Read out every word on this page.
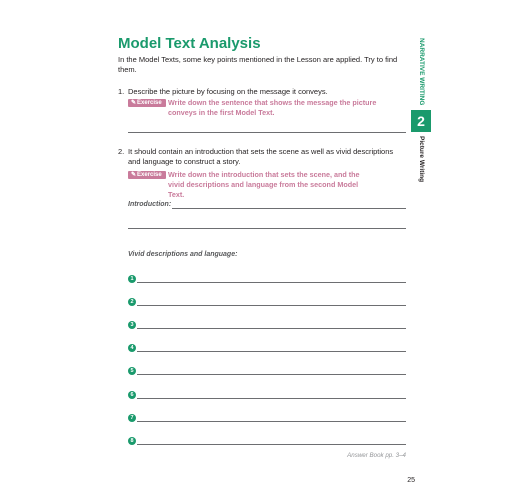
Model Text Analysis
In the Model Texts, some key points mentioned in the Lesson are applied. Try to find them.
1. Describe the picture by focusing on the message it conveys.
✎Exercise Write down the sentence that shows the message the picture conveys in the first Model Text.
2. It should contain an introduction that sets the scene as well as vivid descriptions and language to construct a story.
✎Exercise Write down the introduction that sets the scene, and the vivid descriptions and language from the second Model Text.
Introduction:
Vivid descriptions and language:
1
2
3
4
5
6
7
8
Answer Book pp. 3–4
25
NARRATIVE WRITING
2
Picture Writing
